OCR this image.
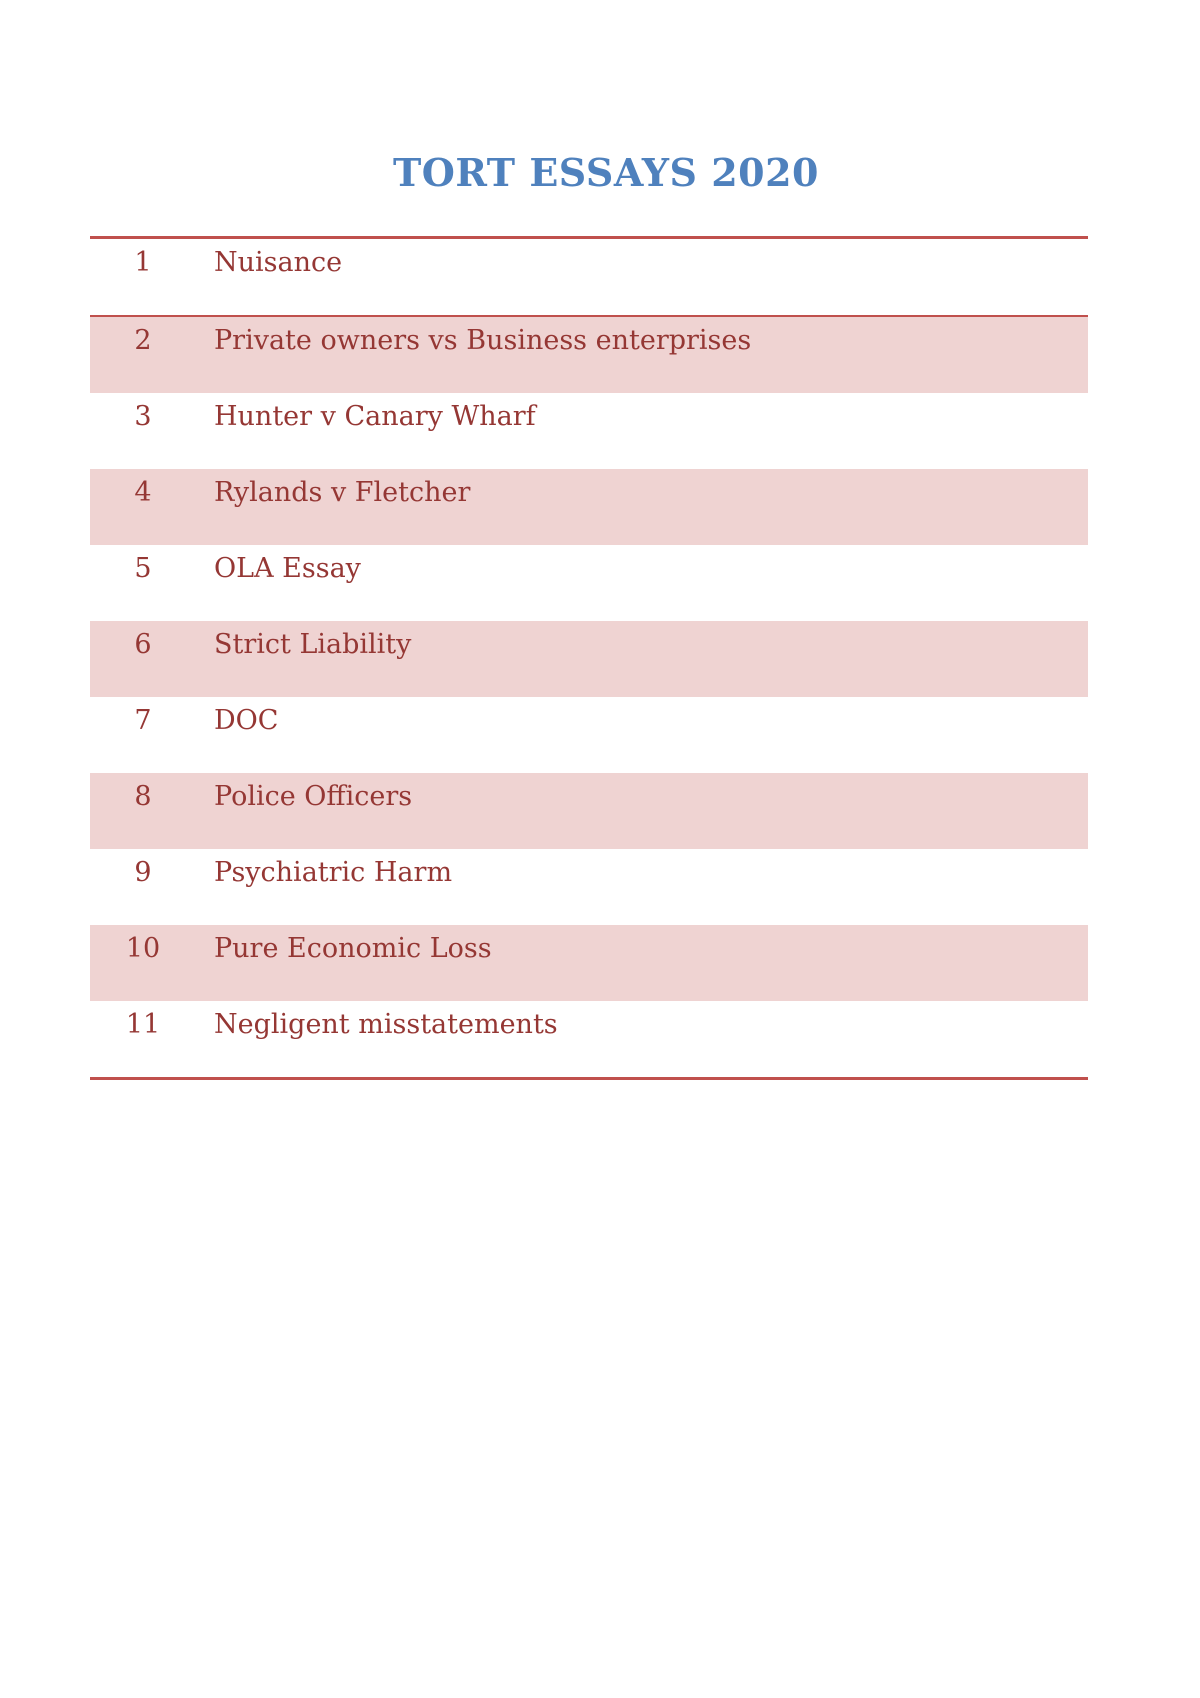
TORT ESSAYS 2020
1	Nuisance
2	Private owners vs Business enterprises
3	Hunter v Canary Wharf
4	Rylands v Fletcher
5	OLA Essay
6	Strict Liability
7	DOC
8	Police Officers
9	Psychiatric Harm
10	Pure Economic Loss
11	Negligent misstatements
